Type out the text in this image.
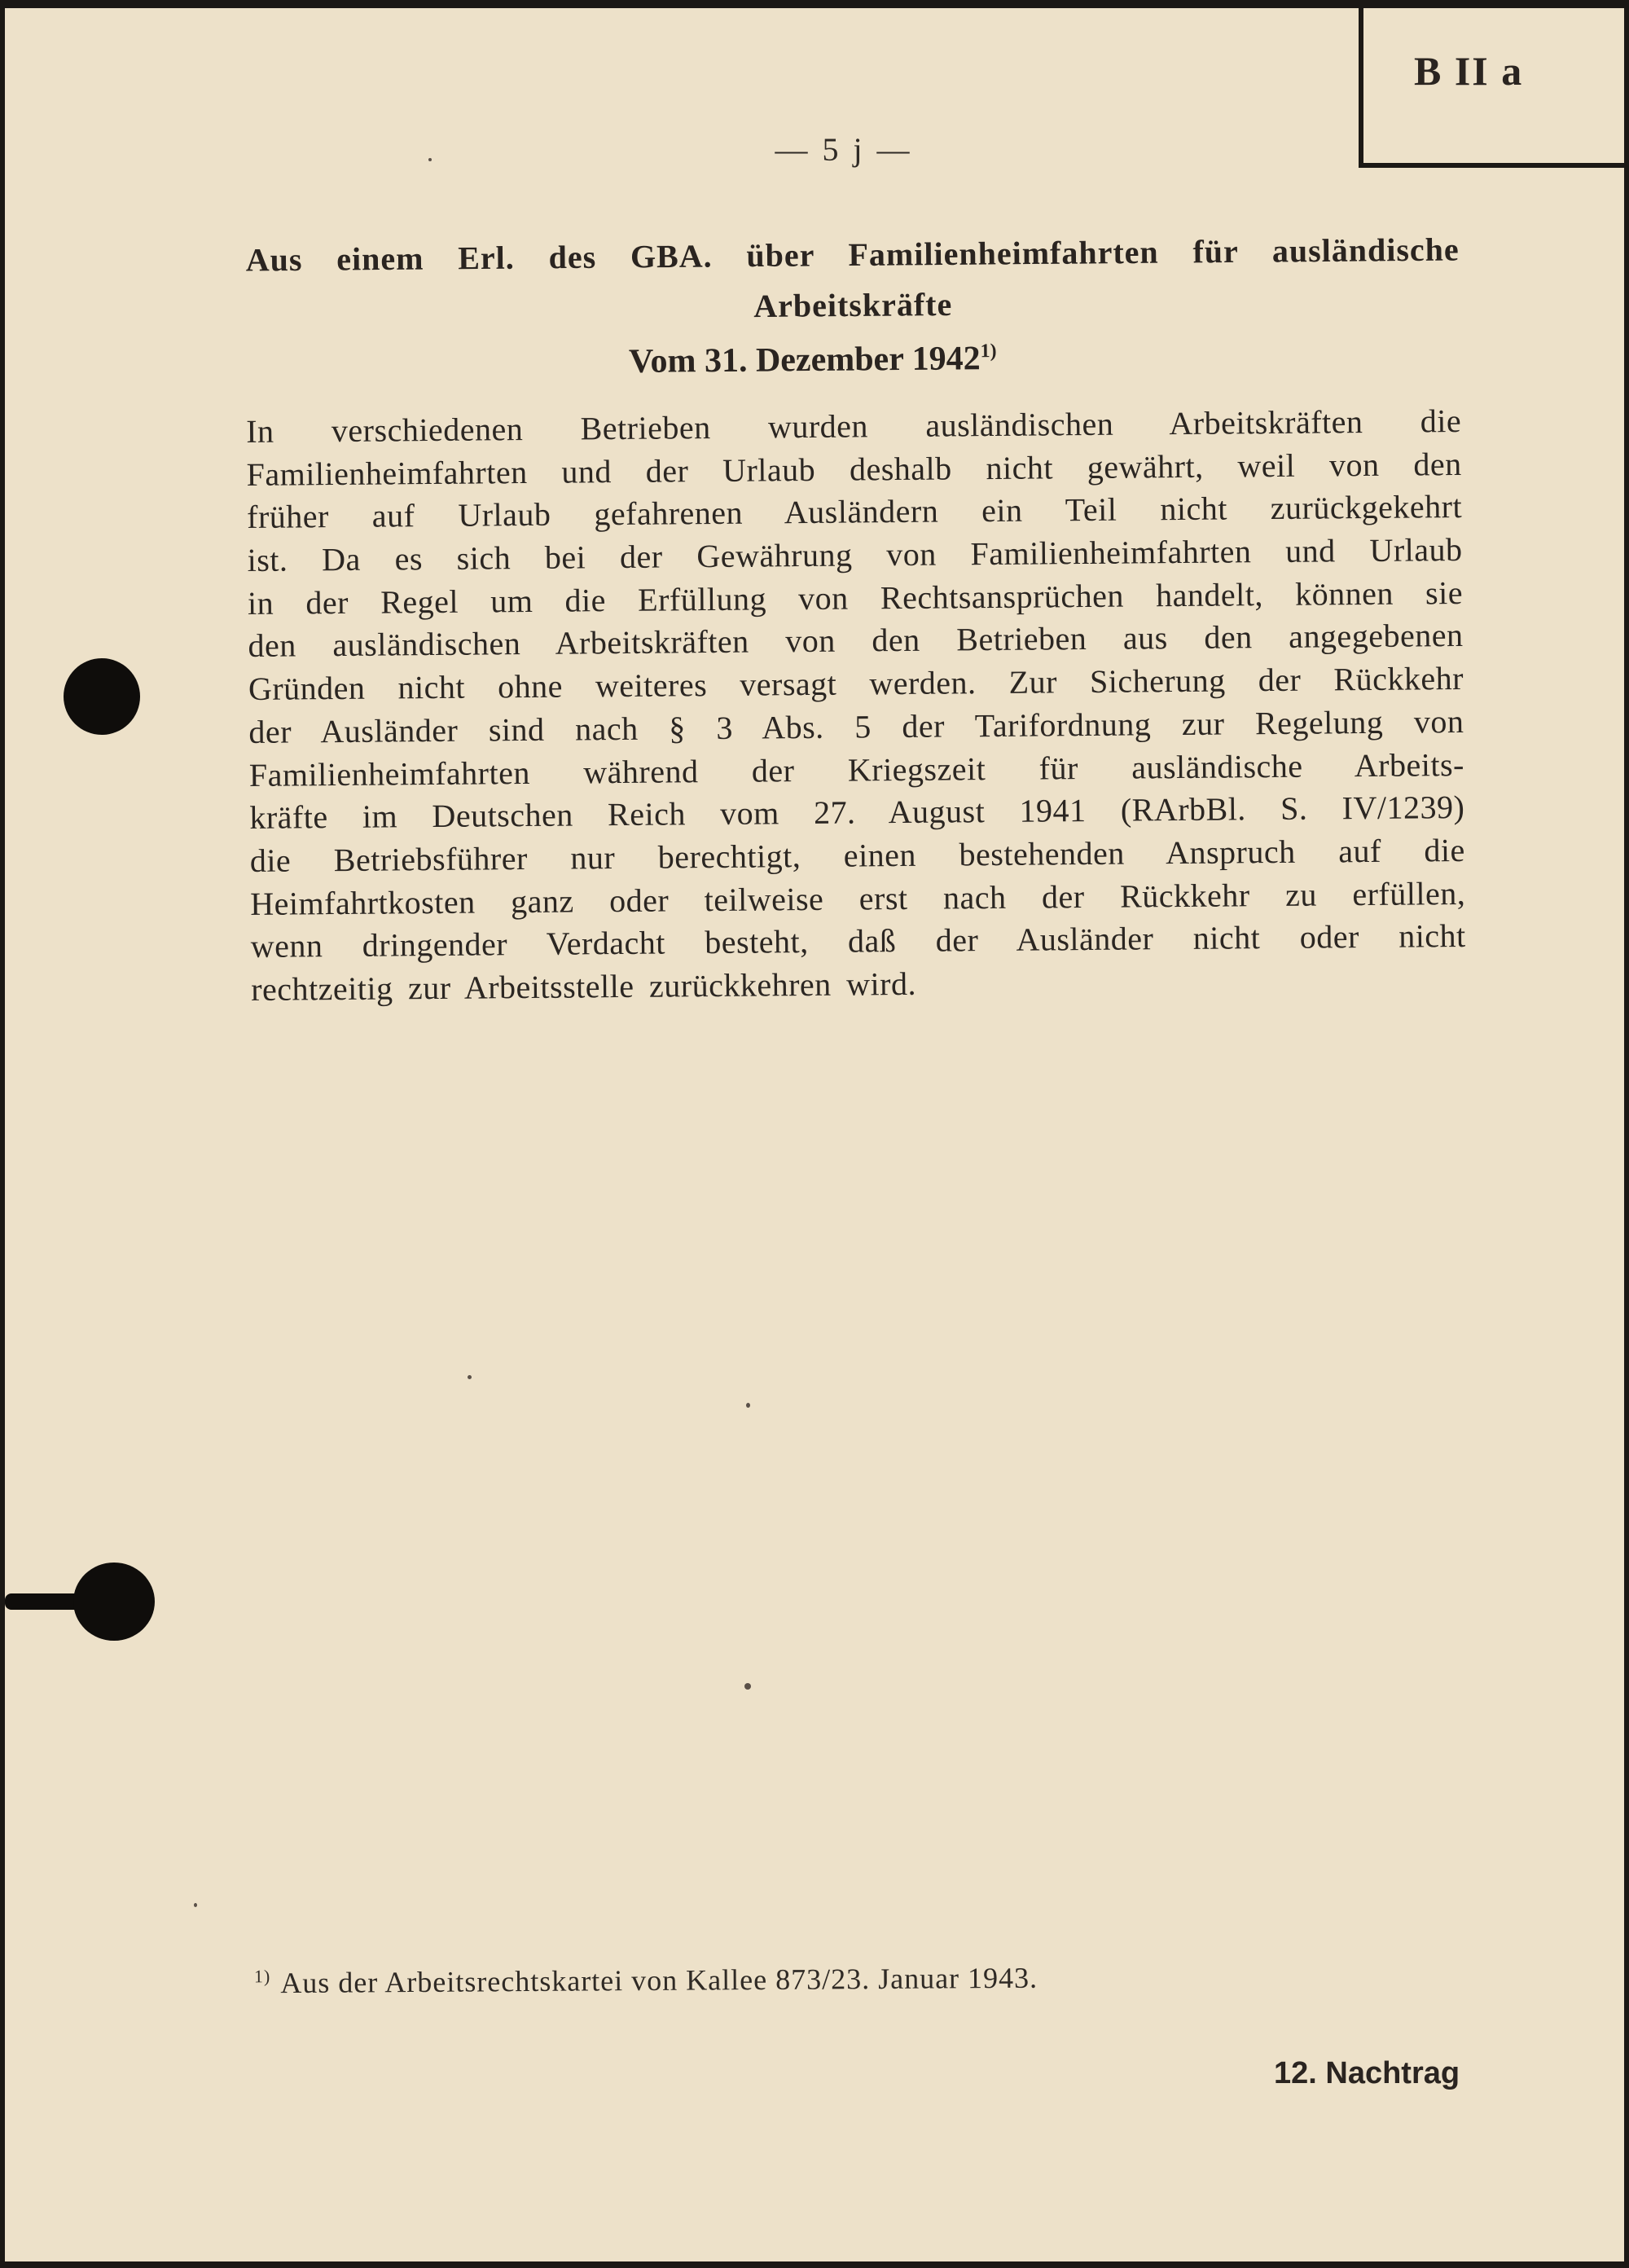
B II a
— 5 j —
Aus einem Erl. des GBA. über Familienheimfahrten für ausländische
Arbeitskräfte
Vom 31. Dezember 1942$^{1)}$
In verschiedenen Betrieben wurden ausländischen Arbeitskräften die
Familienheimfahrten und der Urlaub deshalb nicht gewährt, weil von den
früher auf Urlaub gefahrenen Ausländern ein Teil nicht zurückgekehrt
ist. Da es sich bei der Gewährung von Familienheimfahrten und Urlaub
in der Regel um die Erfüllung von Rechtsansprüchen handelt, können sie
den ausländischen Arbeitskräften von den Betrieben aus den angegebenen
Gründen nicht ohne weiteres versagt werden. Zur Sicherung der Rückkehr
der Ausländer sind nach § 3 Abs. 5 der Tarifordnung zur Regelung von
Familienheimfahrten während der Kriegszeit für ausländische Arbeits-
kräfte im Deutschen Reich vom 27. August 1941 (RArbBl. S. IV/1239)
die Betriebsführer nur berechtigt, einen bestehenden Anspruch auf die
Heimfahrtkosten ganz oder teilweise erst nach der Rückkehr zu erfüllen,
wenn dringender Verdacht besteht, daß der Ausländer nicht oder nicht
rechtzeitig zur Arbeitsstelle zurückkehren wird.
$^{1)}$ Aus der Arbeitsrechtskartei von Kallee 873/23. Januar 1943.
12. Nachtrag
